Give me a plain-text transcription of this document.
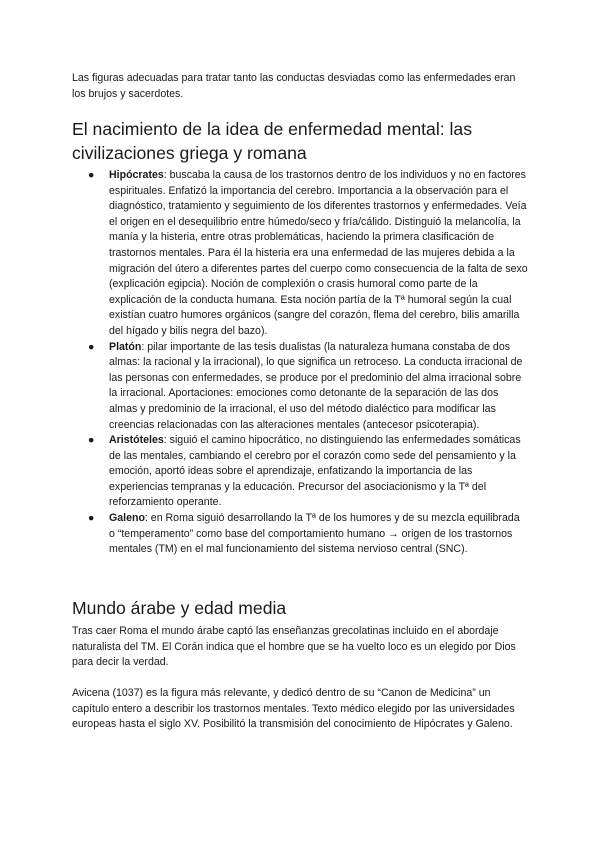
Las figuras adecuadas para tratar tanto las conductas desviadas como las enfermedades eran los brujos y sacerdotes.

El nacimiento de la idea de enfermedad mental: las civilizaciones griega y romana
● Hipócrates: buscaba la causa de los trastornos dentro de los individuos y no en factores espirituales. Enfatizó la importancia del cerebro. Importancia a la observación para el diagnóstico, tratamiento y seguimiento de los diferentes trastornos y enfermedades. Veía el origen en el desequilibrio entre húmedo/seco y fría/cálido. Distinguió la melancolía, la manía y la histeria, entre otras problemáticas, haciendo la primera clasificación de trastornos mentales. Para él la histeria era una enfermedad de las mujeres debida a la migración del útero a diferentes partes del cuerpo como consecuencia de la falta de sexo (explicación egipcia). Noción de complexión o crasis humoral como parte de la explicación de la conducta humana. Esta noción partía de la Tª humoral según la cual existían cuatro humores orgánicos (sangre del corazón, flema del cerebro, bilis amarilla del hígado y bilis negra del bazo).
● Platón: pilar importante de las tesis dualistas (la naturaleza humana constaba de dos almas: la racional y la irracional), lo que significa un retroceso. La conducta irracional de las personas con enfermedades, se produce por el predominio del alma irracional sobre la irracional. Aportaciones: emociones como detonante de la separación de las dos almas y predominio de la irracional, el uso del método dialéctico para modificar las creencias relacionadas con las alteraciones mentales (antecesor psicoterapia).
● Aristóteles: siguió el camino hipocrático, no distinguiendo las enfermedades somáticas de las mentales, cambiando el cerebro por el corazón como sede del pensamiento y la emoción, aportó ideas sobre el aprendizaje, enfatizando la importancia de las experiencias tempranas y la educación. Precursor del asociacionismo y la Tª del reforzamiento operante.
● Galeno: en Roma siguió desarrollando la Tª de los humores y de su mezcla equilibrada o “temperamento” como base del comportamiento humano → origen de los trastornos mentales (TM) en el mal funcionamiento del sistema nervioso central (SNC).
Mundo árabe y edad media

Tras caer Roma el mundo árabe captó las enseñanzas grecolatinas incluido en el abordaje naturalista del TM. El Corán indica que el hombre que se ha vuelto loco es un elegido por Dios para decir la verdad.

Avicena (1037) es la figura más relevante, y dedicó dentro de su “Canon de Medicina” un capítulo entero a describir los trastornos mentales. Texto médico elegido por las universidades europeas hasta el siglo XV. Posibilitó la transmisión del conocimiento de Hipócrates y Galeno.
